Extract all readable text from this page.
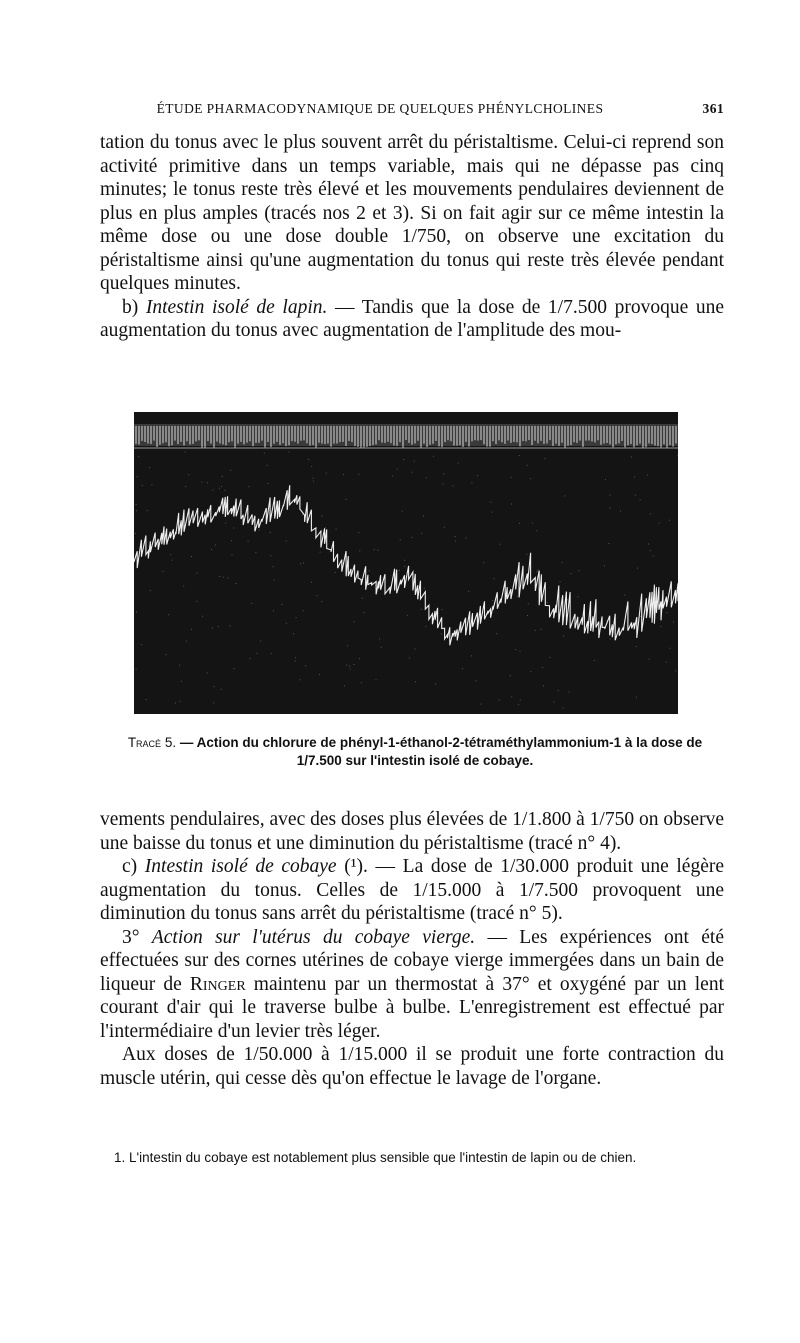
ÉTUDE PHARMACODYNAMIQUE DE QUELQUES PHÉNYLCHOLINES	361

tation du tonus avec le plus souvent arrêt du péristaltisme. Celui-ci reprend son activité primitive dans un temps variable, mais qui ne dépasse pas cinq minutes; le tonus reste très élevé et les mouvements pendulaires deviennent de plus en plus amples (tracés nos 2 et 3). Si on fait agir sur ce même intestin la même dose ou une dose double 1/750, on observe une excitation du péristaltisme ainsi qu'une augmentation du tonus qui reste très élevée pendant quelques minutes.

b) Intestin isolé de lapin. — Tandis que la dose de 1/7.500 provoque une augmentation du tonus avec augmentation de l'amplitude des mou-

Tracé 5. — Action du chlorure de phényl-1-éthanol-2-tétraméthylammonium-1 à la dose de 1/7.500 sur l'intestin isolé de cobaye.

vements pendulaires, avec des doses plus élevées de 1/1.800 à 1/750 on observe une baisse du tonus et une diminution du péristaltisme (tracé n° 4).

c) Intestin isolé de cobaye (¹). — La dose de 1/30.000 produit une légère augmentation du tonus. Celles de 1/15.000 à 1/7.500 provoquent une diminution du tonus sans arrêt du péristaltisme (tracé n° 5).

3° Action sur l'utérus du cobaye vierge. — Les expériences ont été effectuées sur des cornes utérines de cobaye vierge immergées dans un bain de liqueur de Ringer maintenu par un thermostat à 37° et oxygéné par un lent courant d'air qui le traverse bulbe à bulbe. L'enregistrement est effectué par l'intermédiaire d'un levier très léger.

Aux doses de 1/50.000 à 1/15.000 il se produit une forte contraction du muscle utérin, qui cesse dès qu'on effectue le lavage de l'organe.

1. L'intestin du cobaye est notablement plus sensible que l'intestin de lapin ou de chien.
